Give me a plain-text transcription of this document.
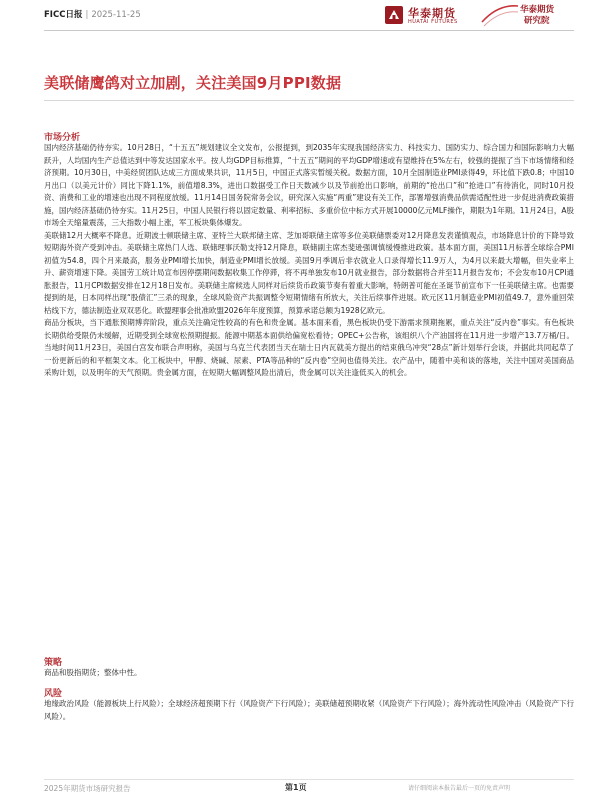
FICC日报 | 2025-11-25	华泰期货
HUATAI FUTURES
华泰期货
研究院
美联储鹰鸽对立加剧，关注美国9月PPI数据
市场分析

国内经济基础仍待夯实。10月28日，“十五五”规划建议全文发布，公报提到，到2035年实现我国经济实力、科技实力、国防实力、综合国力和国际影响力大幅跃升，人均国内生产总值达到中等发达国家水平。按人均GDP目标推算，“十五五”期间的平均GDP增速或有望维持在5%左右，较强的提振了当下市场情绪和经济预期。10月30日，中美经贸团队达成三方面成果共识，11月5日，中国正式落实暂缓关税。数据方面，10月全国制造业PMI录得49，环比值下跌0.8；中国10月出口（以美元计价）同比下降1.1%，前值增8.3%，进出口数据受工作日天数减少以及节前抢出口影响，前期的“抢出口”和“抢进口”有待消化，同时10月投资、消费和工业的增速也出现不同程度放缓。11月14日国务院常务会议，研究深入实施“两重”建设有关工作，部署增强消费品供需适配性进一步促进消费政策措施，国内经济基础仍待夯实。11月25日，中国人民银行将以固定数量、利率招标、多重价位中标方式开展10000亿元MLF操作，期限为1年期。11月24日，A股市场全天缩量震荡，三大指数小幅上涨，军工板块集体爆发。

美联储12月大概率不降息。近期波士顿联储主席、亚特兰大联邦储主席、芝加哥联储主席等多位美联储票委对12月降息发表谨慎观点，市场降息计价的下降导致短期海外资产受到冲击。美联储主席热门人选、联储理事沃勒支持12月降息，联储副主席杰斐逊强调慎缓慢推进政策。基本面方面，美国11月标普全球综合PMI初值为54.8，四个月来最高，服务业PMI增长加快，制造业PMI增长放缓。美国9月季调后非农就业人口录得增长11.9万人，为4月以来最大增幅，但失业率上升、薪资增速下降。美国劳工统计局宣布因停摆期间数据收集工作停滞，将不再单独发布10月就业报告，部分数据将合并至11月报告发布；不会发布10月CPI通胀报告，11月CPI数据安排在12月18日发布。美联储主席候选人同样对后续货币政策节奏有着重大影响，特朗普可能在圣诞节前宣布下一任美联储主席。也需要提到的是，日本同样出现“股债汇”三杀的现象，全球风险资产共振调整令短期情绪有所放大，关注后续事件进展。欧元区11月制造业PMI初值49.7，意外重回荣枯线下方，德法制造业双双恶化。欧盟理事会批准欧盟2026年年度预算，预算承诺总额为1928亿欧元。

商品分板块，当下通胀预期博弈阶段，重点关注确定性较高的有色和贵金属。基本面来看，黑色板块仍受下游需求预期拖累，重点关注“反内卷”事实。有色板块长期供给受限仍未缓解，近期受到全球宽松预期提振。能源中期基本面供给偏宽松看待；OPEC+公告称，该组织八个产油国将在11月进一步增产13.7万桶/日。当地时间11月23日，美国白宫发布联合声明称，美国与乌克兰代表团当天在瑞士日内瓦就美方提出的结束俄乌冲突“28点”新计划举行会谈，并据此共同起草了一份更新后的和平框架文本。化工板块中，甲醇、烧碱、尿素、PTA等品种的“反内卷”空间也值得关注。农产品中，随着中美和谈的落地，关注中国对美国商品采购计划，以及明年的天气预期。贵金属方面，在短期大幅调整风险出清后，贵金属可以关注逢低买入的机会。

策略
商品和股指期货；整体中性。
风险
地缘政治风险（能源板块上行风险）；全球经济超预期下行（风险资产下行风险）；美联储超预期收紧（风险资产下行风险）；海外流动性风险冲击（风险资产下行风险）。
2025年期货市场研究报告	第1页	请仔细阅读本报告最后一页的免责声明
